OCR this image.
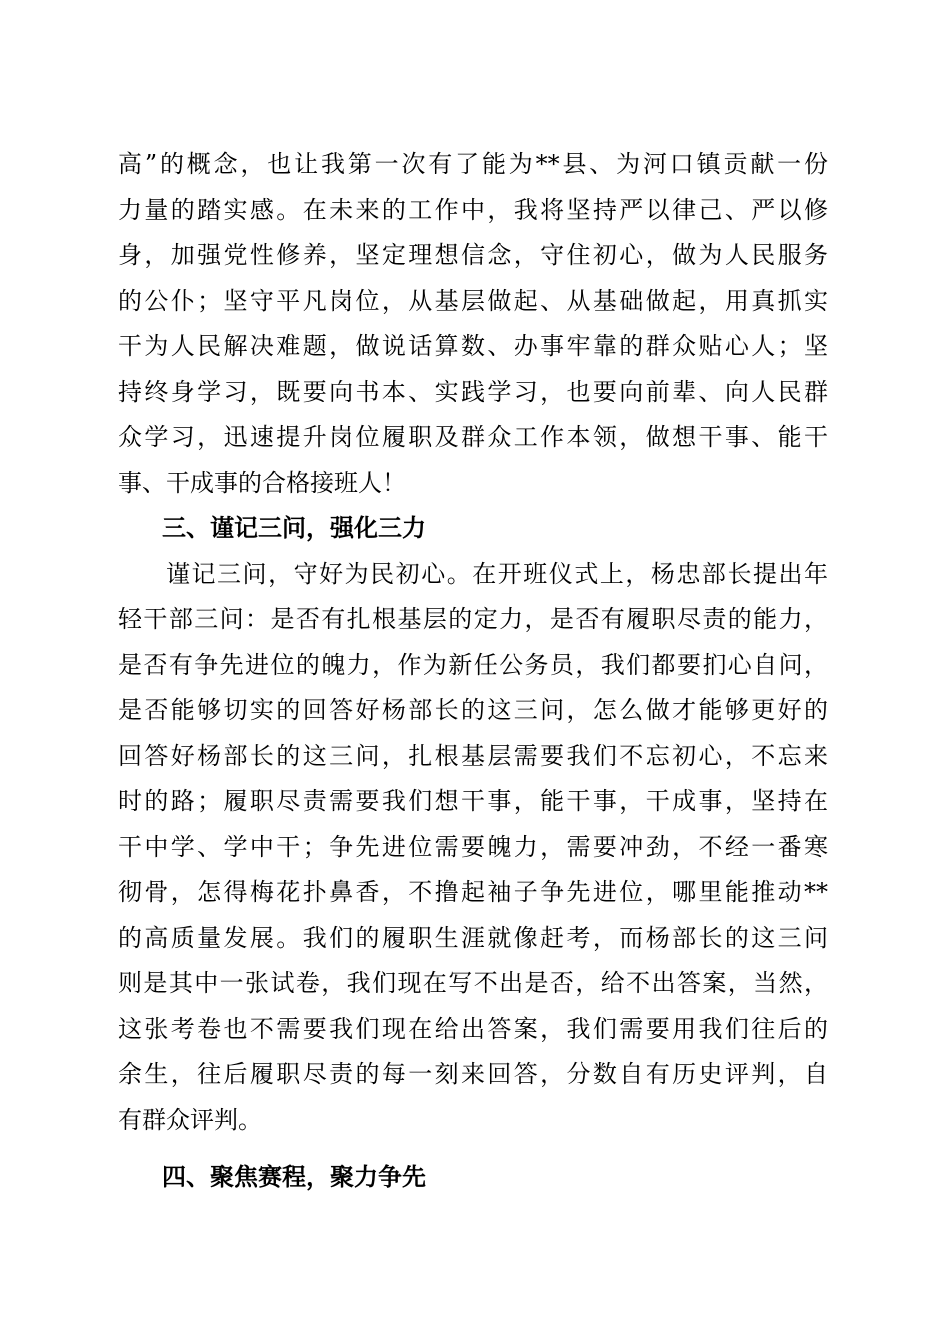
高”的概念，也让我第一次有了能为**县、为河口镇贡献一份
力量的踏实感。在未来的工作中，我将坚持严以律己、严以修
身，加强党性修养，坚定理想信念，守住初心，做为人民服务
的公仆；坚守平凡岗位，从基层做起、从基础做起，用真抓实
干为人民解决难题，做说话算数、办事牢靠的群众贴心人；坚
持终身学习，既要向书本、实践学习，也要向前辈、向人民群
众学习，迅速提升岗位履职及群众工作本领，做想干事、能干
事、干成事的合格接班人！
三、谨记三问，强化三力
谨记三问，守好为民初心。在开班仪式上，杨忠部长提出年
轻干部三问：是否有扎根基层的定力，是否有履职尽责的能力，
是否有争先进位的魄力，作为新任公务员，我们都要扪心自问，
是否能够切实的回答好杨部长的这三问，怎么做才能够更好的
回答好杨部长的这三问，扎根基层需要我们不忘初心，不忘来
时的路；履职尽责需要我们想干事，能干事，干成事，坚持在
干中学、学中干；争先进位需要魄力，需要冲劲，不经一番寒
彻骨，怎得梅花扑鼻香，不撸起袖子争先进位，哪里能推动**
的高质量发展。我们的履职生涯就像赶考，而杨部长的这三问
则是其中一张试卷，我们现在写不出是否，给不出答案，当然，
这张考卷也不需要我们现在给出答案，我们需要用我们往后的
余生，往后履职尽责的每一刻来回答，分数自有历史评判，自
有群众评判。
四、聚焦赛程，聚力争先
